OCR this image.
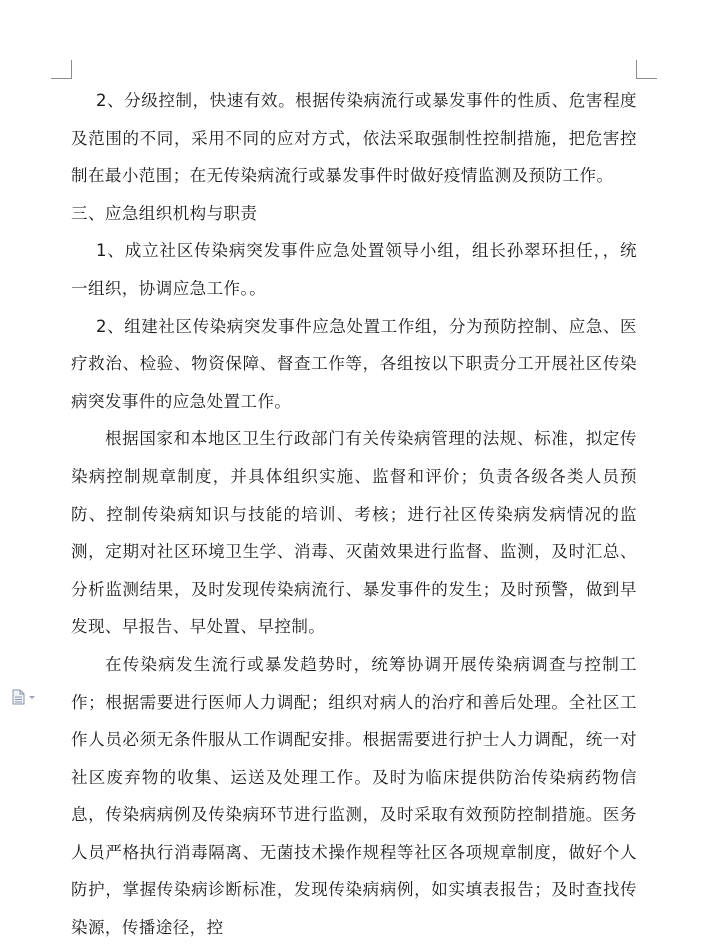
2、分级控制，快速有效。根据传染病流行或暴发事件的性质、危害程度及范围的不同，采用不同的应对方式，依法采取强制性控制措施，把危害控制在最小范围；在无传染病流行或暴发事件时做好疫情监测及预防工作。

三、应急组织机构与职责

1、成立社区传染病突发事件应急处置领导小组，组长孙翠环担任，，统一组织，协调应急工作。。

2、组建社区传染病突发事件应急处置工作组，分为预防控制、应急、医疗救治、检验、物资保障、督查工作等，各组按以下职责分工开展社区传染病突发事件的应急处置工作。

根据国家和本地区卫生行政部门有关传染病管理的法规、标准，拟定传染病控制规章制度，并具体组织实施、监督和评价；负责各级各类人员预防、控制传染病知识与技能的培训、考核；进行社区传染病发病情况的监测，定期对社区环境卫生学、消毒、灭菌效果进行监督、监测，及时汇总、分析监测结果，及时发现传染病流行、暴发事件的发生；及时预警，做到早发现、早报告、早处置、早控制。

在传染病发生流行或暴发趋势时，统筹协调开展传染病调查与控制工作；根据需要进行医师人力调配；组织对病人的治疗和善后处理。全社区工作人员必须无条件服从工作调配安排。根据需要进行护士人力调配，统一对社区废弃物的收集、运送及处理工作。及时为临床提供防治传染病药物信息，传染病病例及传染病环节进行监测，及时采取有效预防控制措施。医务人员严格执行消毒隔离、无菌技术操作规程等社区各项规章制度，做好个人防护，掌握传染病诊断标准，发现传染病病例，如实填表报告；及时查找传染源，传播途径，控
